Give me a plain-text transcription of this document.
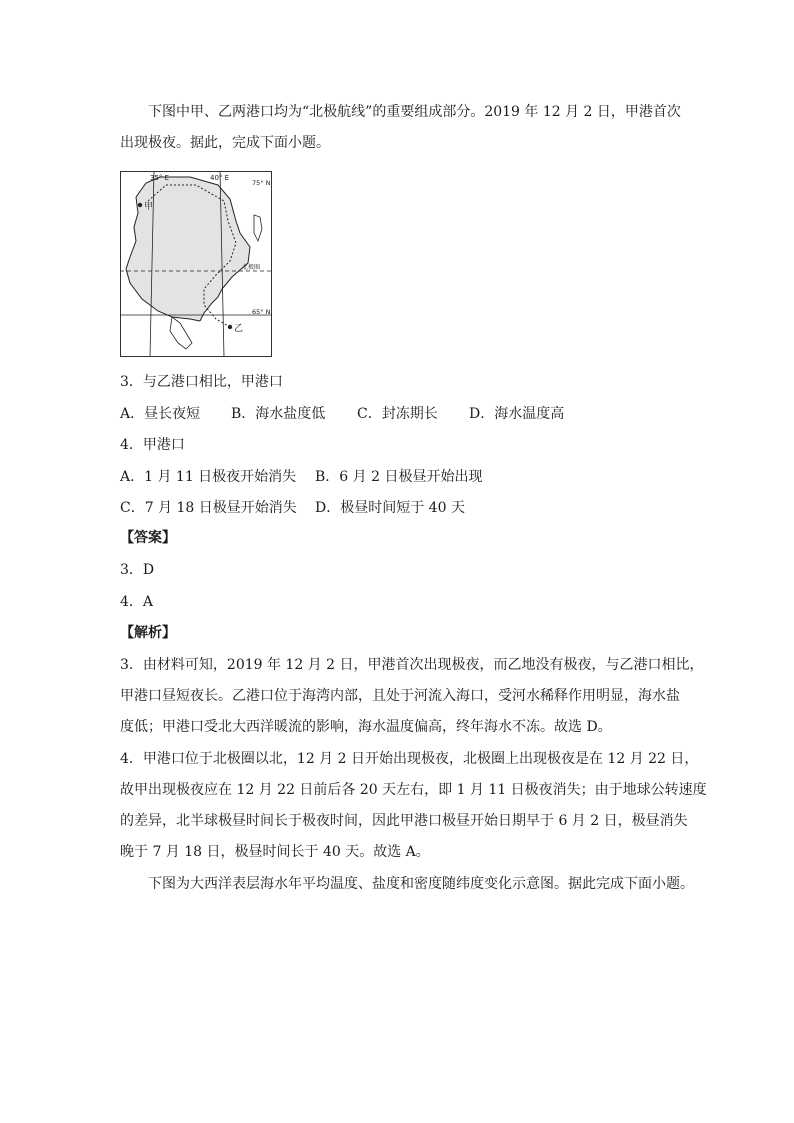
下图中甲、乙两港口均为“北极航线”的重要组成部分。2019 年 12 月 2 日，甲港首次
出现极夜。据此，完成下面小题。
35° E	40° E
75° N
65° N
北极圈
甲
乙
3．与乙港口相比，甲港口
A．昼长夜短 B．海水盐度低 C．封冻期长 D．海水温度高
4．甲港口
A．1 月 11 日极夜开始消失 B．6 月 2 日极昼开始出现
C．7 月 18 日极昼开始消失 D．极昼时间短于 40 天
【答案】
3．D
4．A
【解析】
3．由材料可知，2019 年 12 月 2 日，甲港首次出现极夜，而乙地没有极夜，与乙港口相比，
甲港口昼短夜长。乙港口位于海湾内部，且处于河流入海口，受河水稀释作用明显，海水盐
度低；甲港口受北大西洋暖流的影响，海水温度偏高，终年海水不冻。故选 D。
4．甲港口位于北极圈以北，12 月 2 日开始出现极夜，北极圈上出现极夜是在 12 月 22 日，
故甲出现极夜应在 12 月 22 日前后各 20 天左右，即 1 月 11 日极夜消失；由于地球公转速度
的差异，北半球极昼时间长于极夜时间，因此甲港口极昼开始日期早于 6 月 2 日，极昼消失
晚于 7 月 18 日，极昼时间长于 40 天。故选 A。
下图为大西洋表层海水年平均温度、盐度和密度随纬度变化示意图。据此完成下面小题。
